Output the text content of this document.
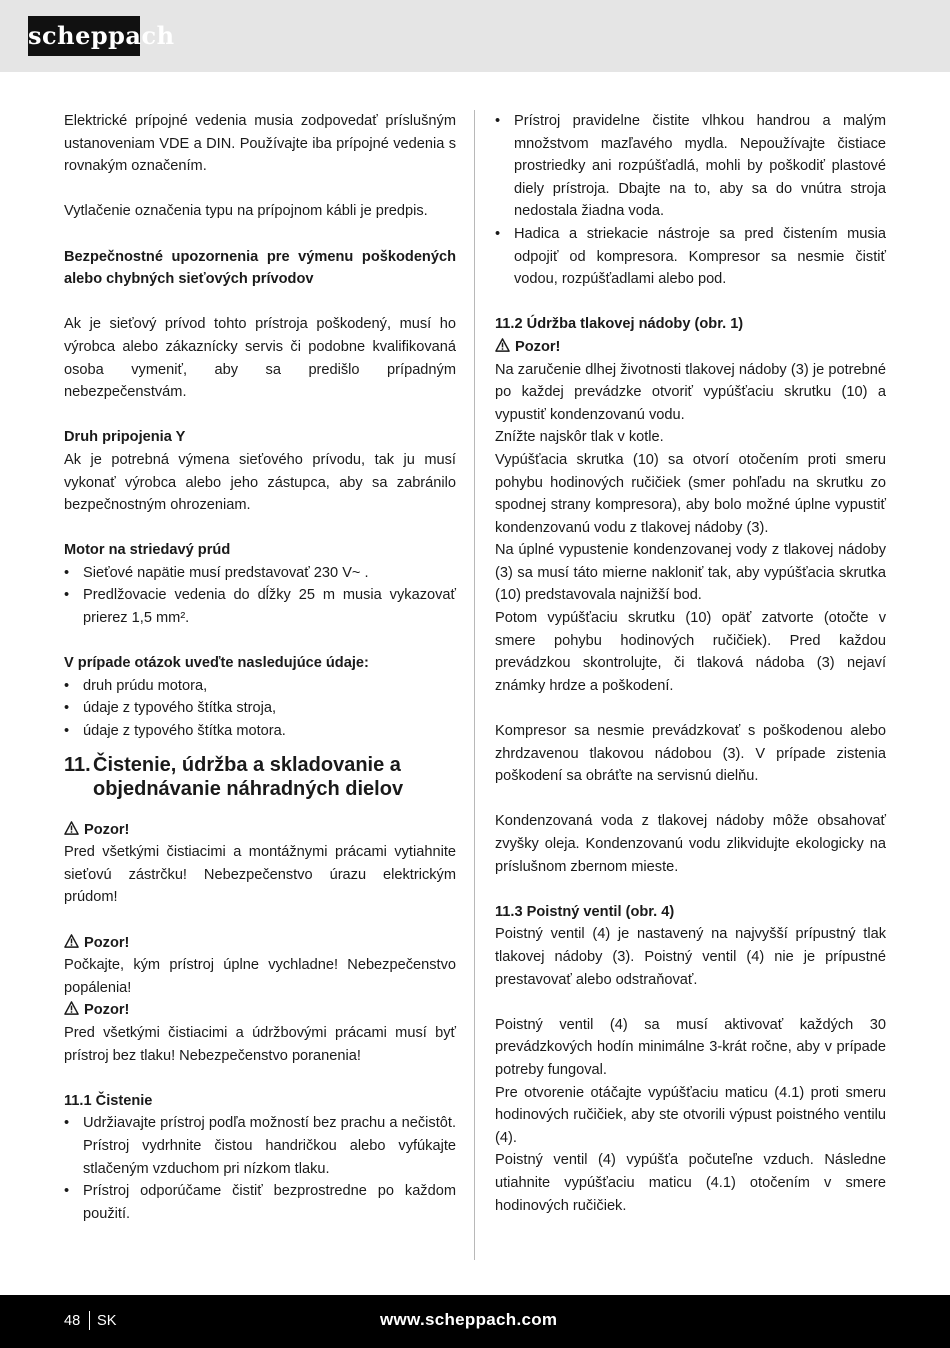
scheppach

Elektrické prípojné vedenia musia zodpovedať príslušným ustanoveniam VDE a DIN. Používajte iba prípojné vedenia s rovnakým označením.

Vytlačenie označenia typu na prípojnom kábli je predpis.

Bezpečnostné upozornenia pre výmenu poškodených alebo chybných sieťových prívodov

Ak je sieťový prívod tohto prístroja poškodený, musí ho výrobca alebo zákaznícky servis či podobne kvalifikovaná osoba vymeniť, aby sa predišlo prípadným nebezpečenstvám.

Druh pripojenia Y

Ak je potrebná výmena sieťového prívodu, tak ju musí vykonať výrobca alebo jeho zástupca, aby sa zabránilo bezpečnostným ohrozeniam.

Motor na striedavý prúd

• Sieťové napätie musí predstavovať 230 V~ .

• Predlžovacie vedenia do dĺžky 25 m musia vykazovať prierez 1,5 mm².

V prípade otázok uveďte nasledujúce údaje:

• druh prúdu motora,

• údaje z typového štítka stroja,

• údaje z typového štítka motora.

11. Čistenie, údržba a skladovanie a objednávanie náhradných dielov

Pozor!

Pred všetkými čistiacimi a montážnymi prácami vytiahnite sieťovú zástrčku! Nebezpečenstvo úrazu elektrickým prúdom!

Pozor!

Počkajte, kým prístroj úplne vychladne! Nebezpečenstvo popálenia!

Pozor!

Pred všetkými čistiacimi a údržbovými prácami musí byť prístroj bez tlaku! Nebezpečenstvo poranenia!

11.1 Čistenie

• Udržiavajte prístroj podľa možností bez prachu a nečistôt. Prístroj vydrhnite čistou handričkou alebo vyfúkajte stlačeným vzduchom pri nízkom tlaku.

• Prístroj odporúčame čistiť bezprostredne po každom použití.

• Prístroj pravidelne čistite vlhkou handrou a malým množstvom mazľavého mydla. Nepoužívajte čistiace prostriedky ani rozpúšťadlá, mohli by poškodiť plastové diely prístroja. Dbajte na to, aby sa do vnútra stroja nedostala žiadna voda.

• Hadica a striekacie nástroje sa pred čistením musia odpojiť od kompresora. Kompresor sa nesmie čistiť vodou, rozpúšťadlami alebo pod.

11.2 Údržba tlakovej nádoby (obr. 1)

Pozor!

Na zaručenie dlhej životnosti tlakovej nádoby (3) je potrebné po každej prevádzke otvoriť vypúšťaciu skrutku (10) a vypustiť kondenzovanú vodu.

Znížte najskôr tlak v kotle.

Vypúšťacia skrutka (10) sa otvorí otočením proti smeru pohybu hodinových ručičiek (smer pohľadu na skrutku zo spodnej strany kompresora), aby bolo možné úplne vypustiť kondenzovanú vodu z tlakovej nádoby (3).

Na úplné vypustenie kondenzovanej vody z tlakovej nádoby (3) sa musí táto mierne nakloniť tak, aby vypúšťacia skrutka (10) predstavovala najnižší bod.

Potom vypúšťaciu skrutku (10) opäť zatvorte (otočte v smere pohybu hodinových ručičiek). Pred každou prevádzkou skontrolujte, či tlaková nádoba (3) nejaví známky hrdze a poškodení.

Kompresor sa nesmie prevádzkovať s poškodenou alebo zhrdzavenou tlakovou nádobou (3). V prípade zistenia poškodení sa obráťte na servisnú dielňu.

Kondenzovaná voda z tlakovej nádoby môže obsahovať zvyšky oleja. Kondenzovanú vodu zlikvidujte ekologicky na príslušnom zbernom mieste.

11.3 Poistný ventil (obr. 4)

Poistný ventil (4) je nastavený na najvyšší prípustný tlak tlakovej nádoby (3). Poistný ventil (4) nie je prípustné prestavovať alebo odstraňovať.

Poistný ventil (4) sa musí aktivovať každých 30 prevádzkových hodín minimálne 3-krát ročne, aby v prípade potreby fungoval.

Pre otvorenie otáčajte vypúšťaciu maticu (4.1) proti smeru hodinových ručičiek, aby ste otvorili výpust poistného ventilu (4).

Poistný ventil (4) vypúšťa počuteľne vzduch. Následne utiahnite vypúšťaciu maticu (4.1) otočením v smere hodinových ručičiek.

48 SK	www.scheppach.com
